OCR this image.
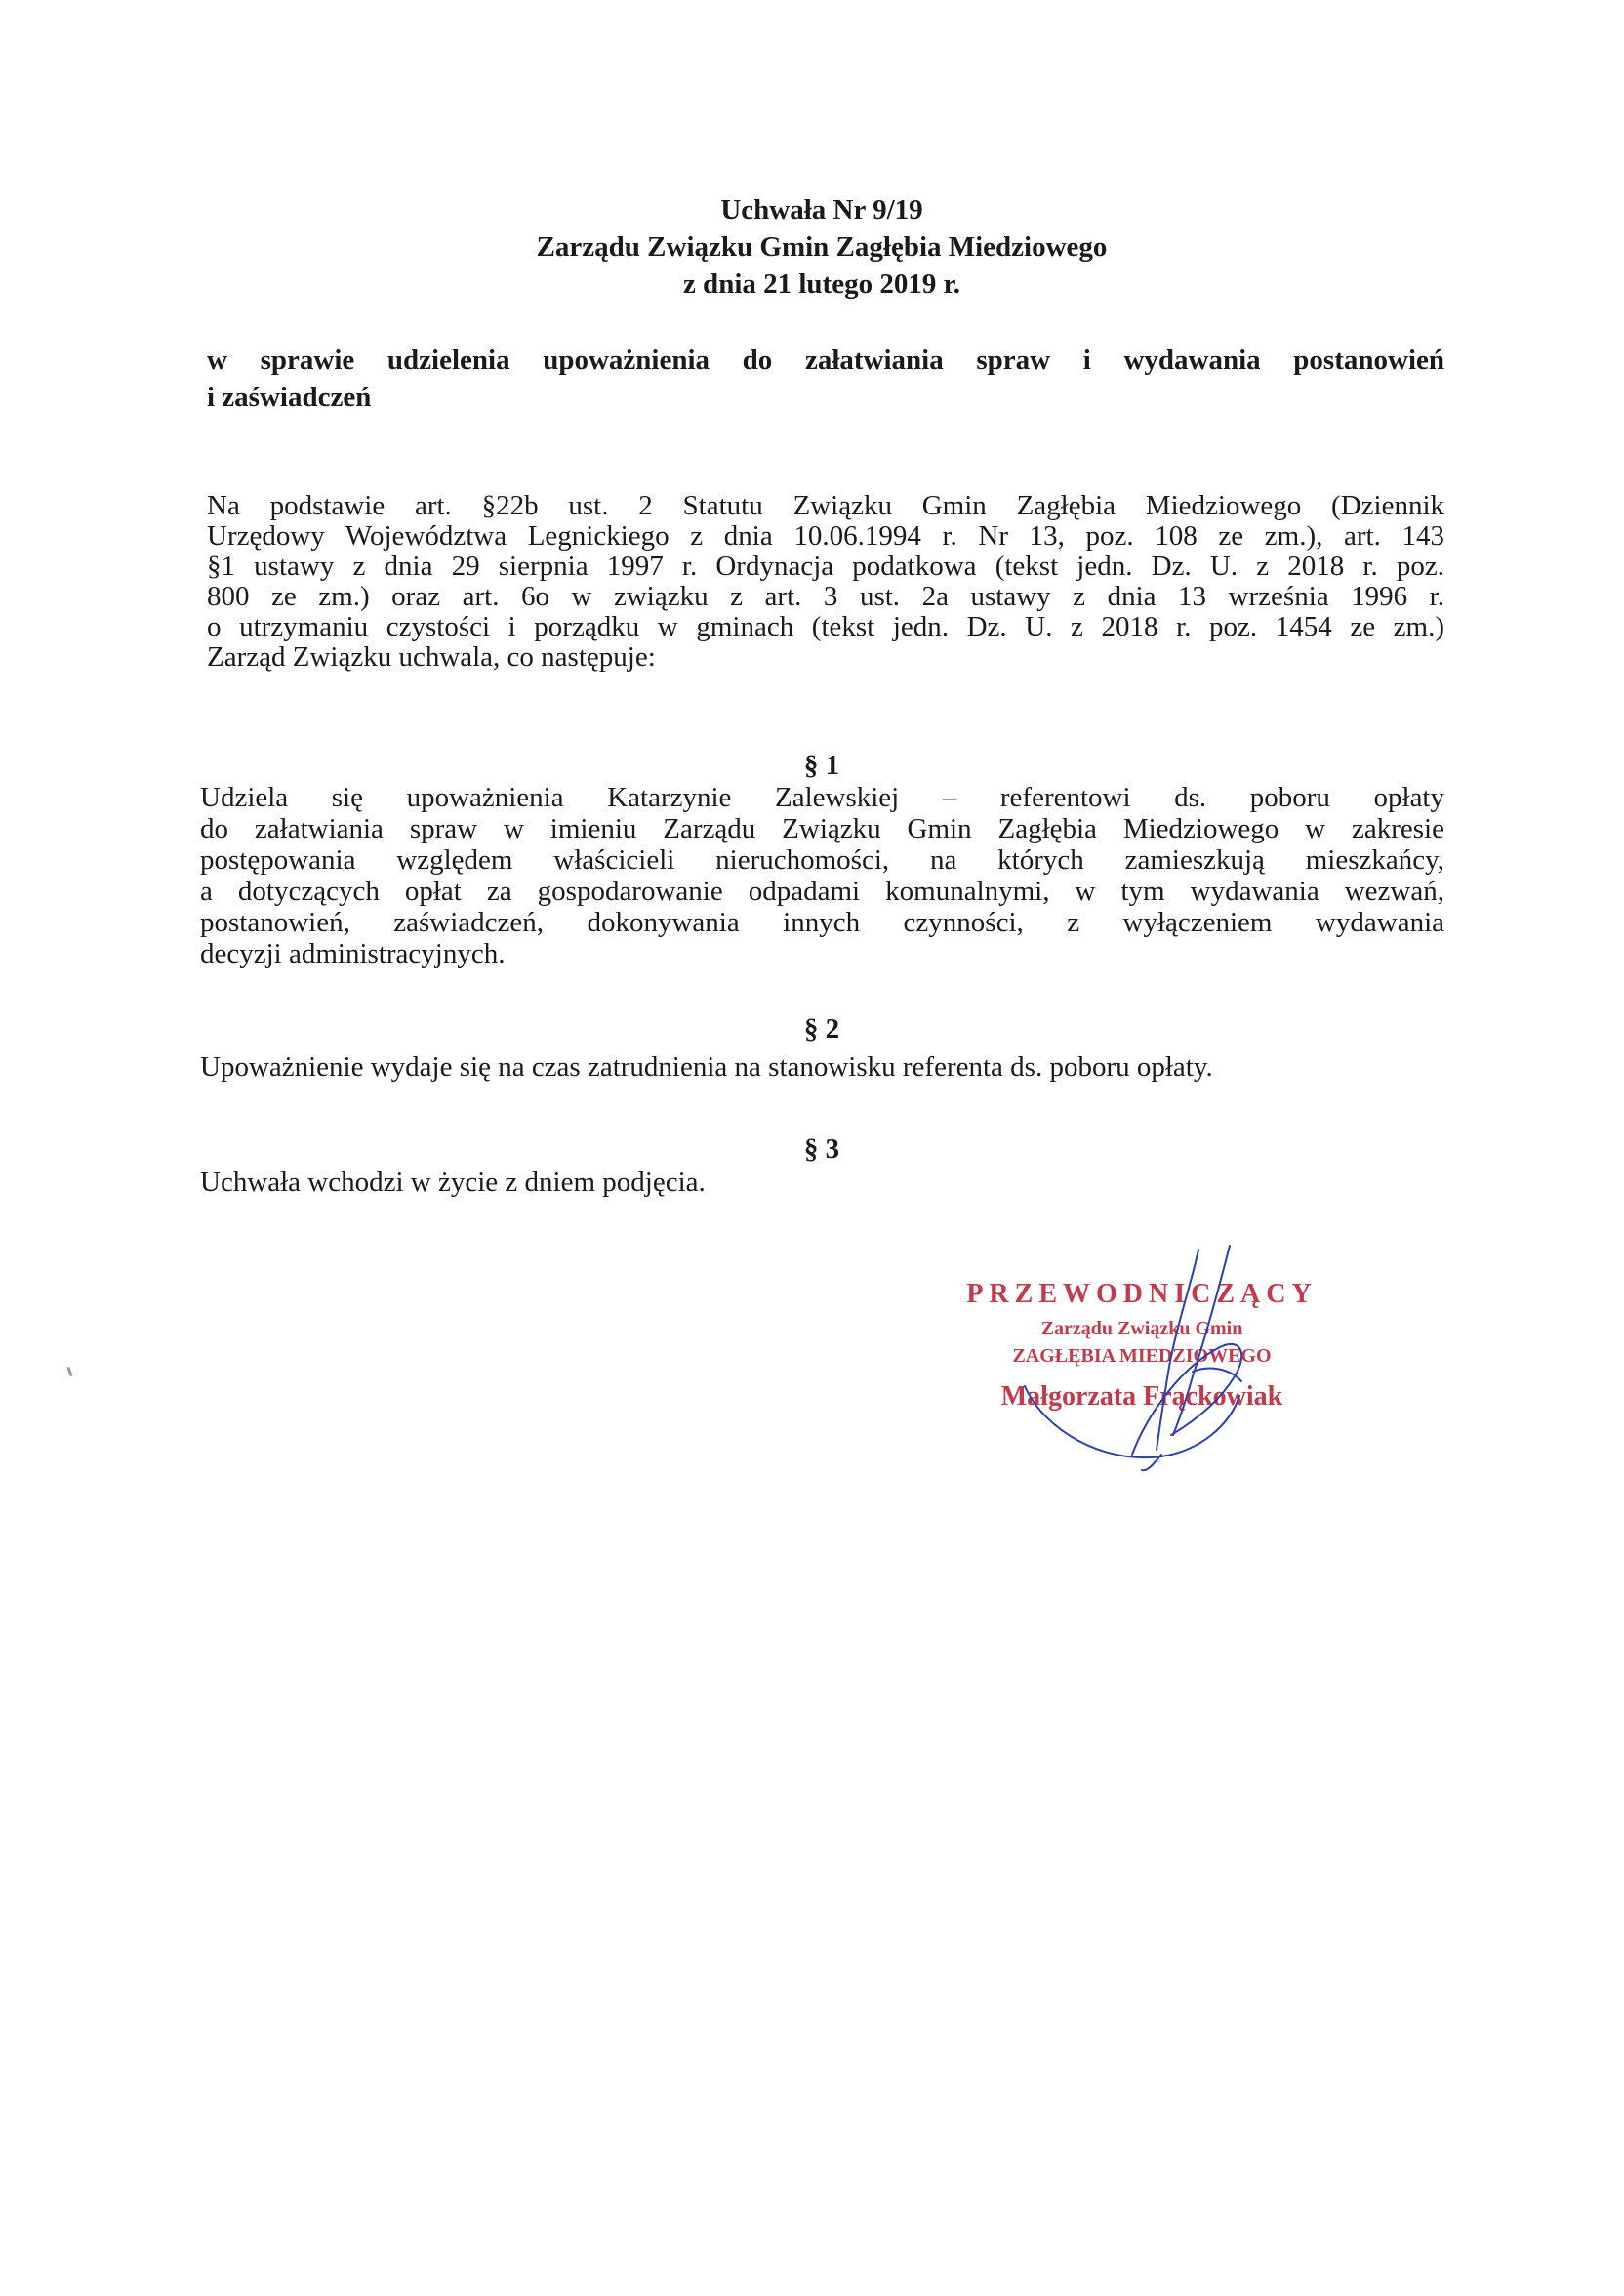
Uchwała Nr 9/19
Zarządu Związku Gmin Zagłębia Miedziowego
z dnia 21 lutego 2019 r.
w sprawie udzielenia upoważnienia do załatwiania spraw i wydawania postanowień
i zaświadczeń
Na podstawie art. §22b ust. 2 Statutu Związku Gmin Zagłębia Miedziowego (Dziennik
Urzędowy Województwa Legnickiego z dnia 10.06.1994 r. Nr 13, poz. 108 ze zm.), art. 143
§1 ustawy z dnia 29 sierpnia 1997 r. Ordynacja podatkowa (tekst jedn. Dz. U. z 2018 r. poz.
800 ze zm.) oraz art. 6o w związku z art. 3 ust. 2a ustawy z dnia 13 września 1996 r.
o utrzymaniu czystości i porządku w gminach (tekst jedn. Dz. U. z 2018 r. poz. 1454 ze zm.)
Zarząd Związku uchwala, co następuje:
§ 1
Udziela się upoważnienia Katarzynie Zalewskiej – referentowi ds. poboru opłaty
do załatwiania spraw w imieniu Zarządu Związku Gmin Zagłębia Miedziowego w zakresie
postępowania względem właścicieli nieruchomości, na których zamieszkują mieszkańcy,
a dotyczących opłat za gospodarowanie odpadami komunalnymi, w tym wydawania wezwań,
postanowień, zaświadczeń, dokonywania innych czynności, z wyłączeniem wydawania
decyzji administracyjnych.
§ 2
Upoważnienie wydaje się na czas zatrudnienia na stanowisku referenta ds. poboru opłaty.
§ 3
Uchwała wchodzi w życie z dniem podjęcia.
PRZEWODNICZĄCY
Zarządu Związku Gmin
ZAGŁĘBIA MIEDZIOWEGO
Małgorzata Frąckowiak
